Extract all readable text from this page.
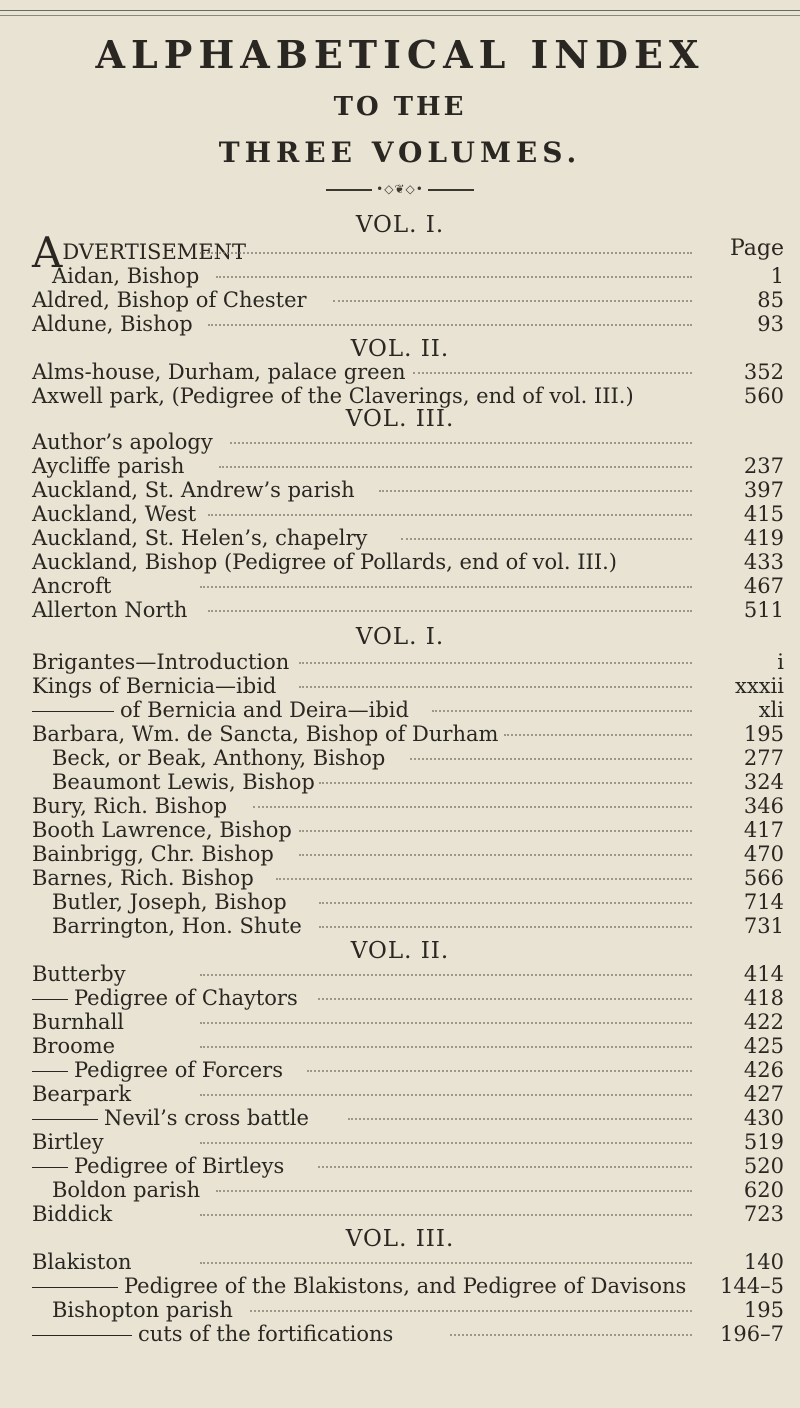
ALPHABETICAL INDEX
TO THE
THREE VOLUMES.
•◇❦◇•
VOL. I.
Page
ADVERTISEMENT
Aidan, Bishop	1
Aldred, Bishop of Chester	85
Aldune, Bishop	93
Alms-house, Durham, palace green	352
Axwell park, (Pedigree of the Claverings, end of vol. III.)	560
Author’s apology
Aycliffe parish	237
Auckland, St. Andrew’s parish	397
Auckland, West	415
Auckland, St. Helen’s, chapelry	419
Auckland, Bishop (Pedigree of Pollards, end of vol. III.)	433
Ancroft	467
Allerton North	511
Brigantes—Introduction	i
Kings of Bernicia—ibid	xxxii
of Bernicia and Deira—ibid	xli
Barbara, Wm. de Sancta, Bishop of Durham	195
Beck, or Beak, Anthony, Bishop	277
Beaumont Lewis, Bishop	324
Bury, Rich. Bishop	346
Booth Lawrence, Bishop	417
Bainbrigg, Chr. Bishop	470
Barnes, Rich. Bishop	566
Butler, Joseph, Bishop	714
Barrington, Hon. Shute	731
Butterby	414
Pedigree of Chaytors	418
Burnhall	422
Broome	425
Pedigree of Forcers	426
Bearpark	427
Nevil’s cross battle	430
Birtley	519
Pedigree of Birtleys	520
Boldon parish	620
Biddick	723
Blakiston	140
Pedigree of the Blakistons, and Pedigree of Davisons 144–5
Bishopton parish	195
cuts of the fortifications	196–7
VOL. II.
VOL. III.
VOL. I.
VOL. II.
VOL. III.
